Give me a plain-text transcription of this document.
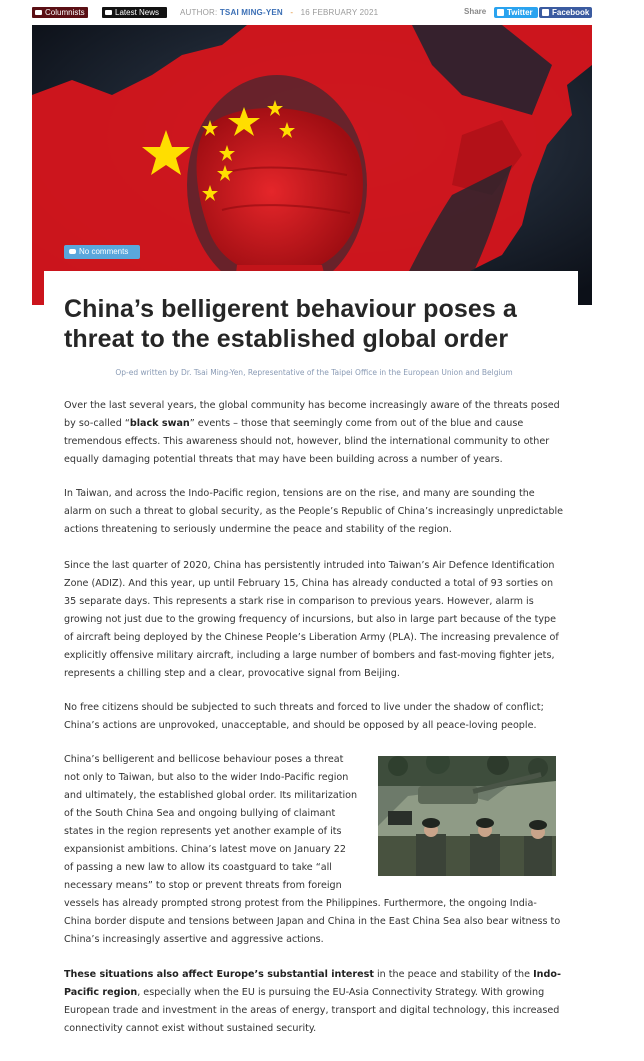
Columnists	Latest News	AUTHOR: TSAI MING-YEN - 16 FEBRUARY 2021	Share	Twitter	Facebook
No comments
China’s belligerent behaviour poses a threat to the established global order
Op-ed written by Dr. Tsai Ming-Yen, Representative of the Taipei Office in the European Union and Belgium

Over the last several years, the global community has become increasingly aware of the threats posed by so-called “black swan” events – those that seemingly come from out of the blue and cause tremendous effects. This awareness should not, however, blind the international community to other equally damaging potential threats that may have been building across a number of years.

In Taiwan, and across the Indo-Pacific region, tensions are on the rise, and many are sounding the alarm on such a threat to global security, as the People’s Republic of China’s increasingly unpredictable actions threatening to seriously undermine the peace and stability of the region.

Since the last quarter of 2020, China has persistently intruded into Taiwan’s Air Defence Identification Zone (ADIZ). And this year, up until February 15, China has already conducted a total of 93 sorties on 35 separate days. This represents a stark rise in comparison to previous years. However, alarm is growing not just due to the growing frequency of incursions, but also in large part because of the type of aircraft being deployed by the Chinese People’s Liberation Army (PLA). The increasing prevalence of explicitly offensive military aircraft, including a large number of bombers and fast-moving fighter jets, represents a chilling step and a clear, provocative signal from Beijing.

No free citizens should be subjected to such threats and forced to live under the shadow of conflict; China’s actions are unprovoked, unacceptable, and should be opposed by all peace-loving people.

China’s belligerent and bellicose behaviour poses a threat not only to Taiwan, but also to the wider Indo-Pacific region and ultimately, the established global order. Its militarization of the South China Sea and ongoing bullying of claimant states in the region represents yet another example of its expansionist ambitions. China’s latest move on January 22 of passing a new law to allow its coastguard to take “all necessary means” to stop or prevent threats from foreign vessels has already prompted strong protest from the Philippines. Furthermore, the ongoing India-China border dispute and tensions between Japan and China in the East China Sea also bear witness to China’s increasingly assertive and aggressive actions.

These situations also affect Europe’s substantial interest in the peace and stability of the Indo-Pacific region, especially when the EU is pursuing the EU-Asia Connectivity Strategy. With growing European trade and investment in the areas of energy, transport and digital technology, this increased connectivity cannot exist without sustained security.
